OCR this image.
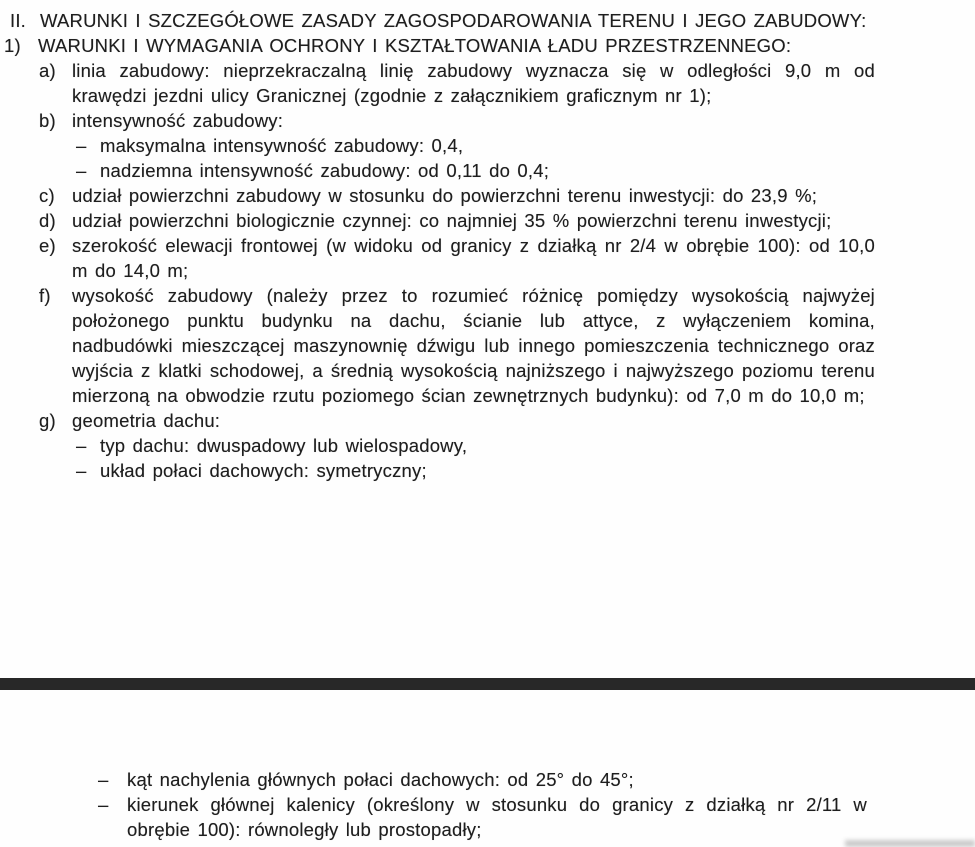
II. WARUNKI I SZCZEGÓŁOWE ZASADY ZAGOSPODAROWANIA TERENU I JEGO ZABUDOWY:
1) WARUNKI I WYMAGANIA OCHRONY I KSZTAŁTOWANIA ŁADU PRZESTRZENNEGO:
a) linia zabudowy: nieprzekraczalną linię zabudowy wyznacza się w odległości 9,0 m od krawędzi jezdni ulicy Granicznej (zgodnie z załącznikiem graficznym nr 1);
b) intensywność zabudowy:
– maksymalna intensywność zabudowy: 0,4,
– nadziemna intensywność zabudowy: od 0,11 do 0,4;
c) udział powierzchni zabudowy w stosunku do powierzchni terenu inwestycji: do 23,9 %;
d) udział powierzchni biologicznie czynnej: co najmniej 35 % powierzchni terenu inwestycji;
e) szerokość elewacji frontowej (w widoku od granicy z działką nr 2/4 w obrębie 100): od 10,0 m do 14,0 m;
f) wysokość zabudowy (należy przez to rozumieć różnicę pomiędzy wysokością najwyżej położonego punktu budynku na dachu, ścianie lub attyce, z wyłączeniem komina, nadbudówki mieszczącej maszynownię dźwigu lub innego pomieszczenia technicznego oraz wyjścia z klatki schodowej, a średnią wysokością najniższego i najwyższego poziomu terenu mierzoną na obwodzie rzutu poziomego ścian zewnętrznych budynku): od 7,0 m do 10,0 m;
g) geometria dachu:
– typ dachu: dwuspadowy lub wielospadowy,
– układ połaci dachowych: symetryczny;
– kąt nachylenia głównych połaci dachowych: od 25° do 45°;
– kierunek głównej kalenicy (określony w stosunku do granicy z działką nr 2/11 w obrębie 100): równoległy lub prostopadły;
